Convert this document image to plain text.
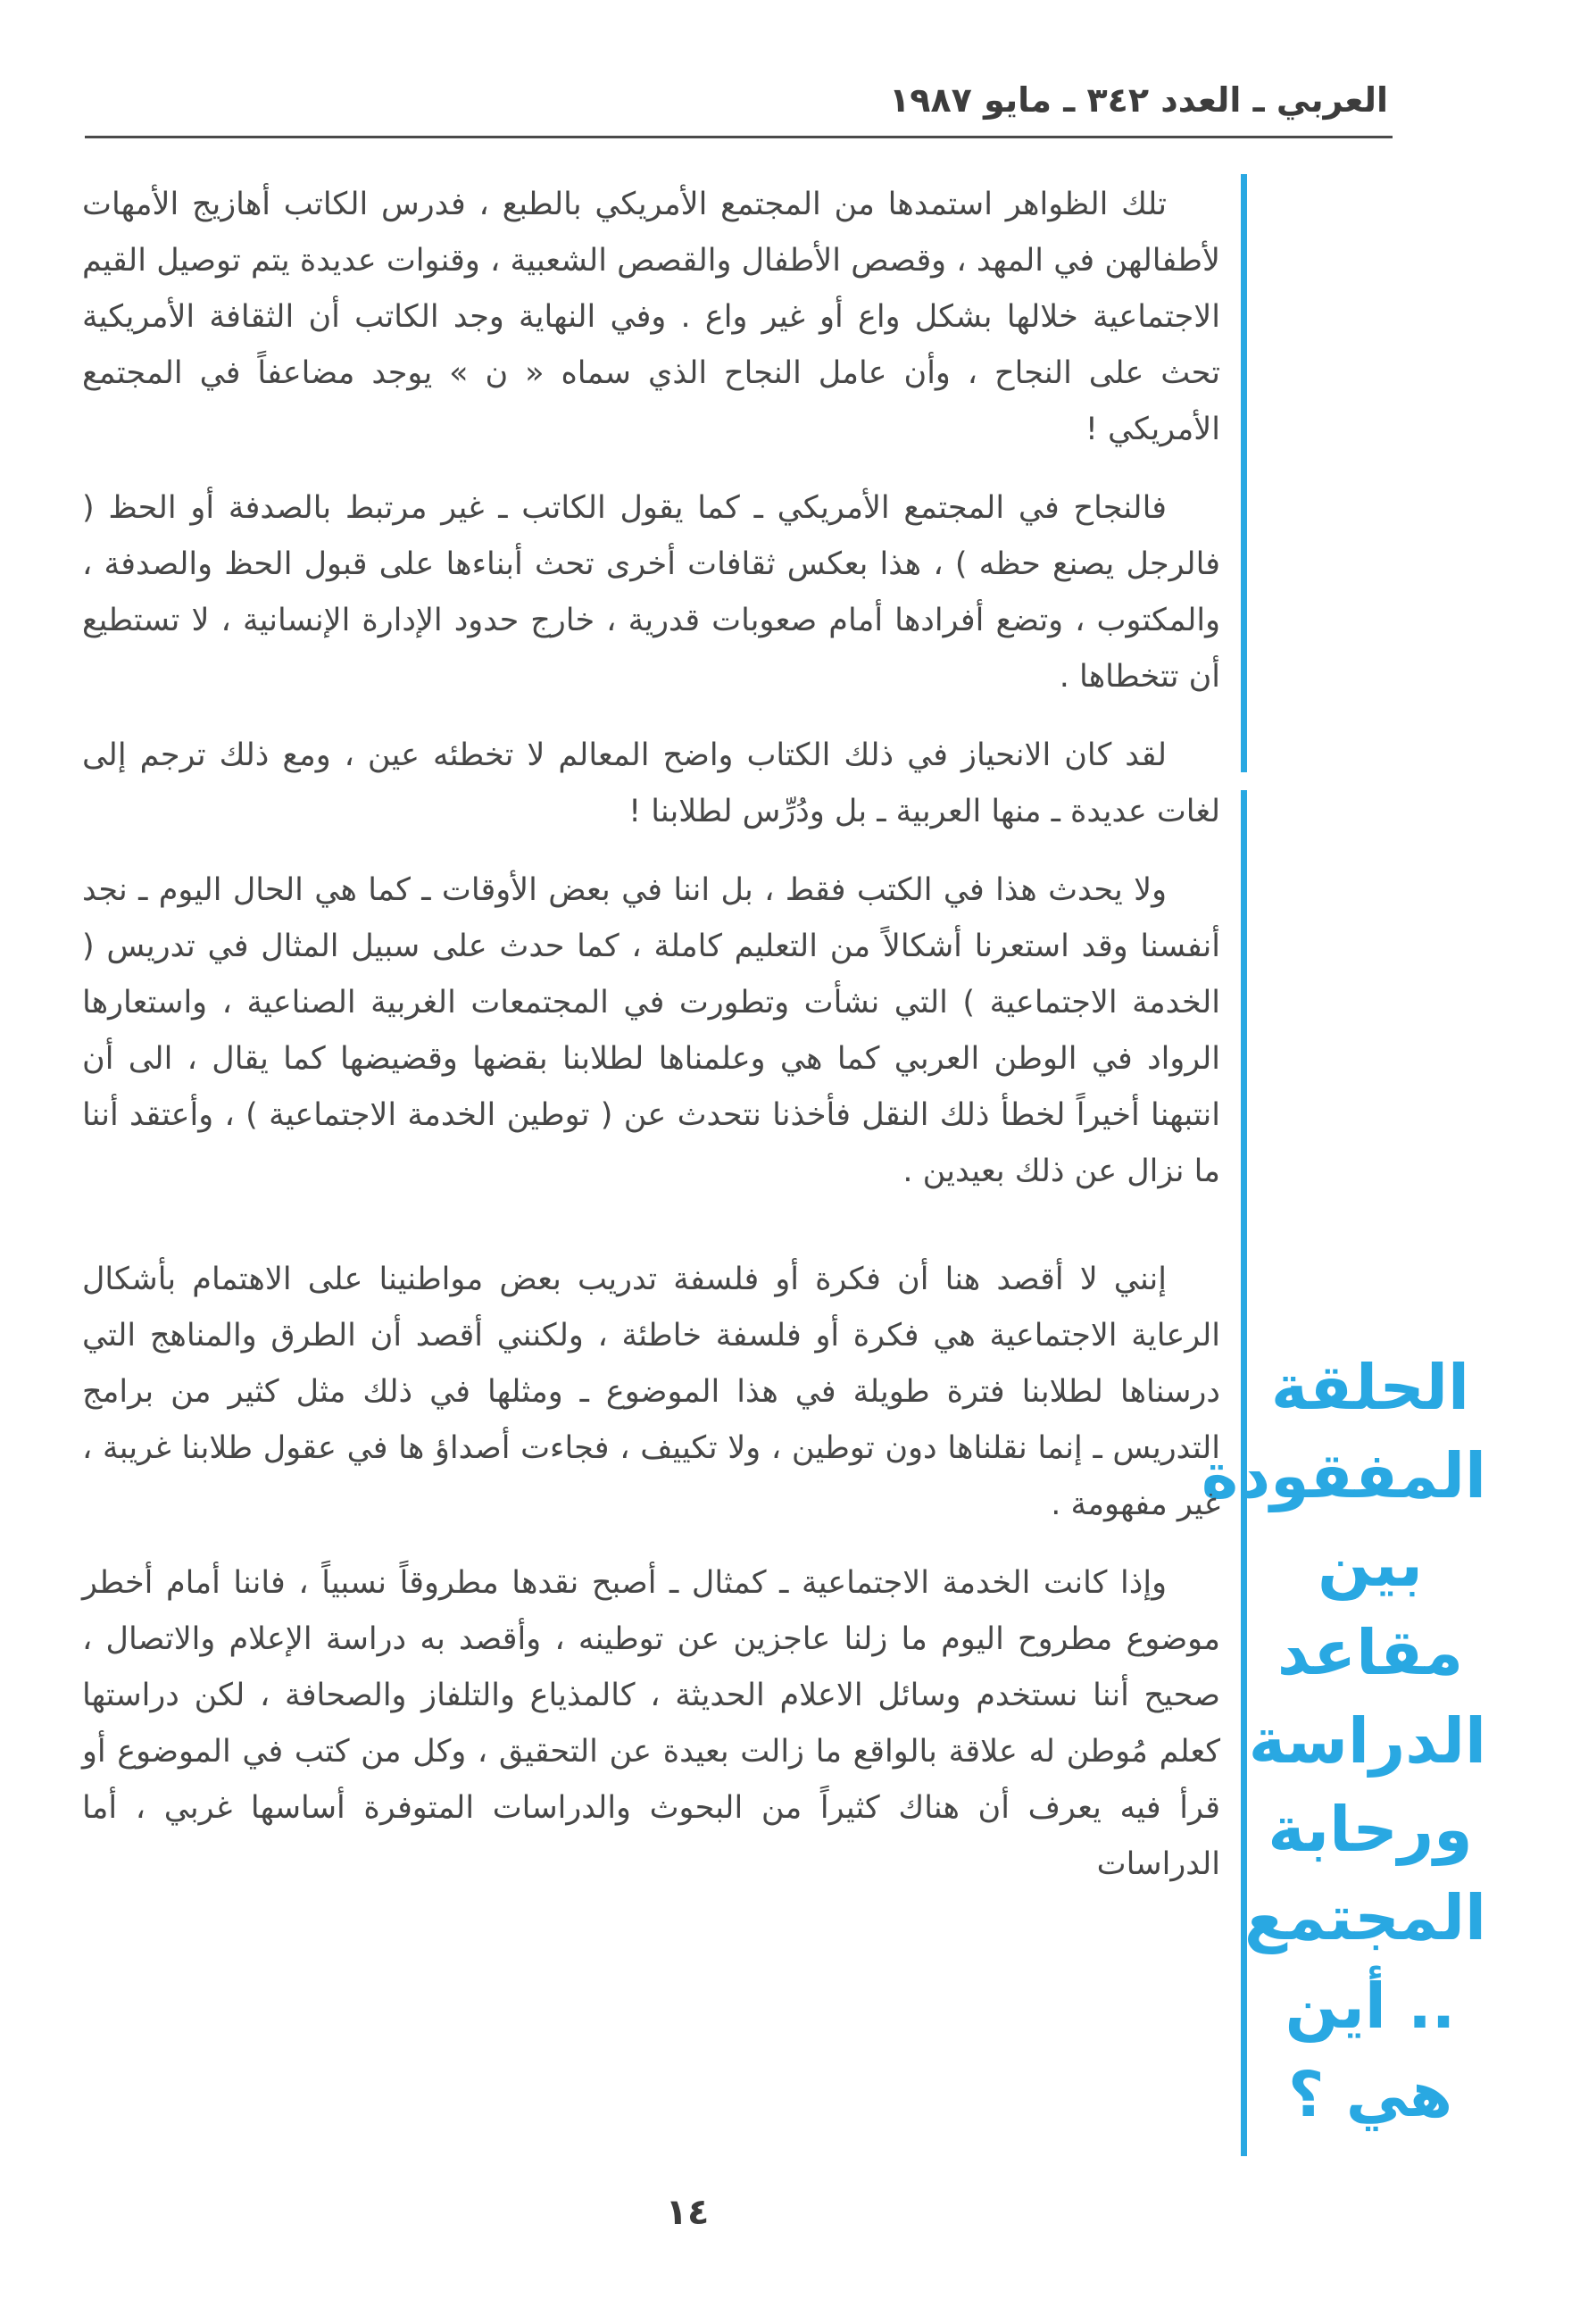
العربي ـ العدد ٣٤٢ ـ مايو ١٩٨٧
الحلقة
المفقودة
بين
مقاعد
الدراسة
ورحابة
المجتمع
.. أين
هي ؟

تلك الظواهر استمدها من المجتمع الأمريكي بالطبع ، فدرس الكاتب أهازيج الأمهات لأطفالهن في المهد ، وقصص الأطفال والقصص الشعبية ، وقنوات عديدة يتم توصيل القيم الاجتماعية خلالها بشكل واع أو غير واع . وفي النهاية وجد الكاتب أن الثقافة الأمريكية تحث على النجاح ، وأن عامل النجاح الذي سماه « ن » يوجد مضاعفاً في المجتمع الأمريكي !

فالنجاح في المجتمع الأمريكي ـ كما يقول الكاتب ـ غير مرتبط بالصدفة أو الحظ ( فالرجل يصنع حظه ) ، هذا بعكس ثقافات أخرى تحث أبناءها على قبول الحظ والصدفة ، والمكتوب ، وتضع أفرادها أمام صعوبات قدرية ، خارج حدود الإدارة الإنسانية ، لا تستطيع أن تتخطاها .

لقد كان الانحياز في ذلك الكتاب واضح المعالم لا تخطئه عين ، ومع ذلك ترجم إلى لغات عديدة ـ منها العربية ـ بل ودُرِّس لطلابنا !

ولا يحدث هذا في الكتب فقط ، بل اننا في بعض الأوقات ـ كما هي الحال اليوم ـ نجد أنفسنا وقد استعرنا أشكالاً من التعليم كاملة ، كما حدث على سبيل المثال في تدريس ( الخدمة الاجتماعية ) التي نشأت وتطورت في المجتمعات الغربية الصناعية ، واستعارها الرواد في الوطن العربي كما هي وعلمناها لطلابنا بقضها وقضيضها كما يقال ، الى أن انتبهنا أخيراً لخطأ ذلك النقل فأخذنا نتحدث عن ( توطين الخدمة الاجتماعية ) ، وأعتقد أننا ما نزال عن ذلك بعيدين .

إنني لا أقصد هنا أن فكرة أو فلسفة تدريب بعض مواطنينا على الاهتمام بأشكال الرعاية الاجتماعية هي فكرة أو فلسفة خاطئة ، ولكنني أقصد أن الطرق والمناهج التي درسناها لطلابنا فترة طويلة في هذا الموضوع ـ ومثلها في ذلك مثل كثير من برامج التدريس ـ إنما نقلناها دون توطين ، ولا تكييف ، فجاءت أصداؤ ها في عقول طلابنا غريبة ، غير مفهومة .

وإذا كانت الخدمة الاجتماعية ـ كمثال ـ أصبح نقدها مطروقاً نسبياً ، فاننا أمام أخطر موضوع مطروح اليوم ما زلنا عاجزين عن توطينه ، وأقصد به دراسة الإعلام والاتصال ، صحيح أننا نستخدم وسائل الاعلام الحديثة ، كالمذياع والتلفاز والصحافة ، لكن دراستها كعلم مُوطن له علاقة بالواقع ما زالت بعيدة عن التحقيق ، وكل من كتب في الموضوع أو قرأ فيه يعرف أن هناك كثيراً من البحوث والدراسات المتوفرة أساسها غربي ، أما الدراسات

١٤
